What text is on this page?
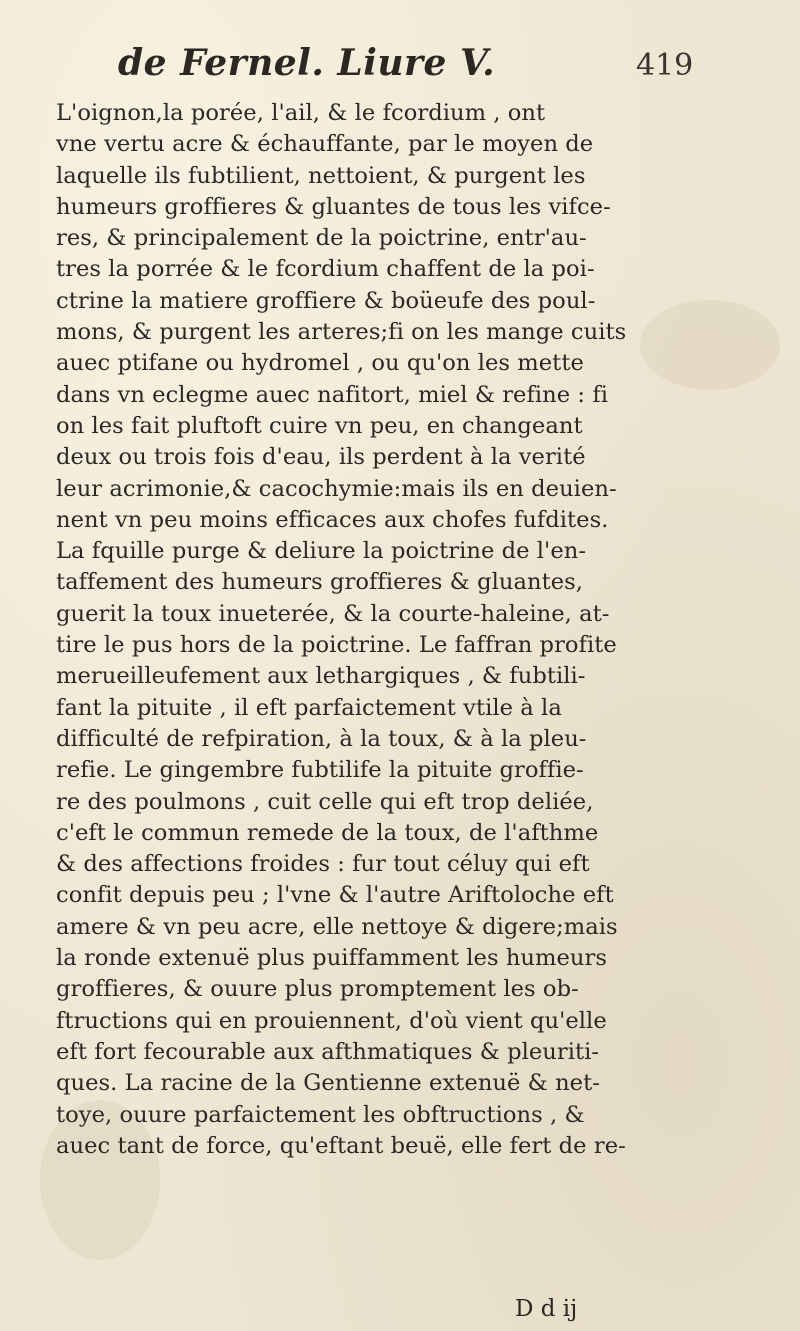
de Fernel. Liure V.	419
L'oignon,la porée, l'ail, & le fcordium , ont
vne vertu acre & échauffante, par le moyen de
laquelle ils fubtilient, nettoient, & purgent les
humeurs groffieres & gluantes de tous les vifce-
res, & principalement de la poictrine, entr'au-
tres la porrée & le fcordium chaffent de la poi-
ctrine la matiere groffiere & boüeufe des poul-
mons, & purgent les arteres;fi on les mange cuits
auec ptifane ou hydromel , ou qu'on les mette
dans vn eclegme auec nafitort, miel & refine : fi
on les fait pluftoft cuire vn peu, en changeant
deux ou trois fois d'eau, ils perdent à la verité
leur acrimonie,& cacochymie:mais ils en deuien-
nent vn peu moins efficaces aux chofes fufdites.
La fquille purge & deliure la poictrine de l'en-
taffement des humeurs groffieres & gluantes,
guerit la toux inueterée, & la courte-haleine, at-
tire le pus hors de la poictrine. Le faffran profite
merueilleufement aux lethargiques , & fubtili-
fant la pituite , il eft parfaictement vtile à la
difficulté de refpiration, à la toux, & à la pleu-
refie. Le gingembre fubtilife la pituite groffie-
re des poulmons , cuit celle qui eft trop deliée,
c'eft le commun remede de la toux, de l'afthme
& des affections froides : fur tout céluy qui eft
confit depuis peu ; l'vne & l'autre Ariftoloche eft
amere & vn peu acre, elle nettoye & digere;mais
la ronde extenuë plus puiffamment les humeurs
groffieres, & ouure plus promptement les ob-
ftructions qui en prouiennent, d'où vient qu'elle
eft fort fecourable aux afthmatiques & pleuriti-
ques. La racine de la Gentienne extenuë & net-
toye, ouure parfaictement les obftructions , &
auec tant de force, qu'eftant beuë, elle fert de re-
D d ij
